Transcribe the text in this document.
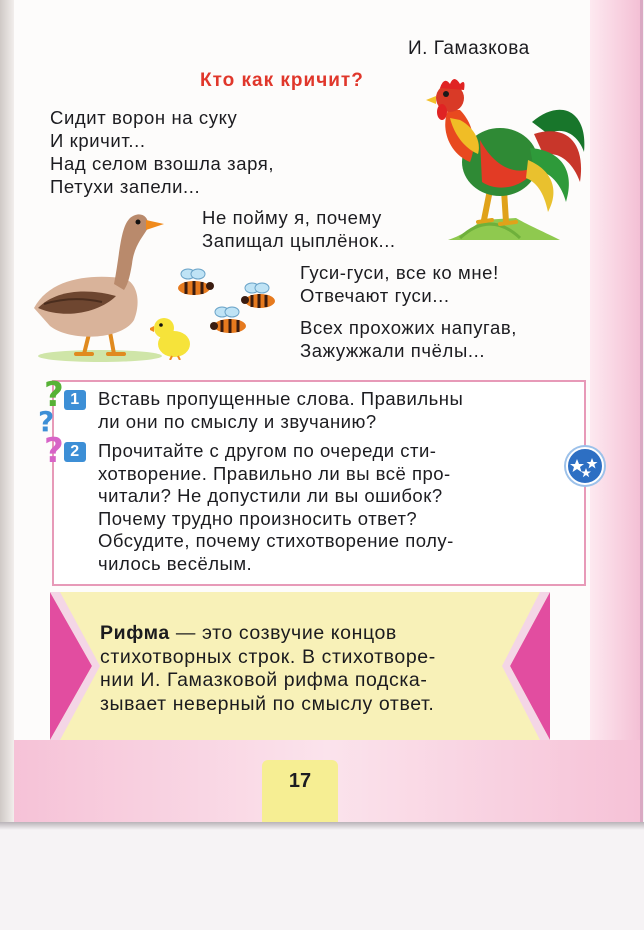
И. Гамазкова
Кто как кричит?
Сидит ворон на суку
И кричит...
Над селом взошла заря,
Петухи запели...
Не пойму я, почему
Запищал цыплёнок...
Гуси-гуси, все ко мне!
Отвечают гуси...
Всех прохожих напугав,
Зажужжали пчёлы...
1 Вставь пропущенные слова. Правильны
ли они по смыслу и звучанию?
2 Прочитайте с другом по очереди сти-
хотворение. Правильно ли вы всё про-
читали? Не допустили ли вы ошибок?
Почему трудно произносить ответ?
Обсудите, почему стихотворение полу-
чилось весёлым.
?
?
?
Рифма — это созвучие концов
стихотворных строк. В стихотворе-
нии И. Гамазковой рифма подска-
зывает неверный по смыслу ответ.
17
